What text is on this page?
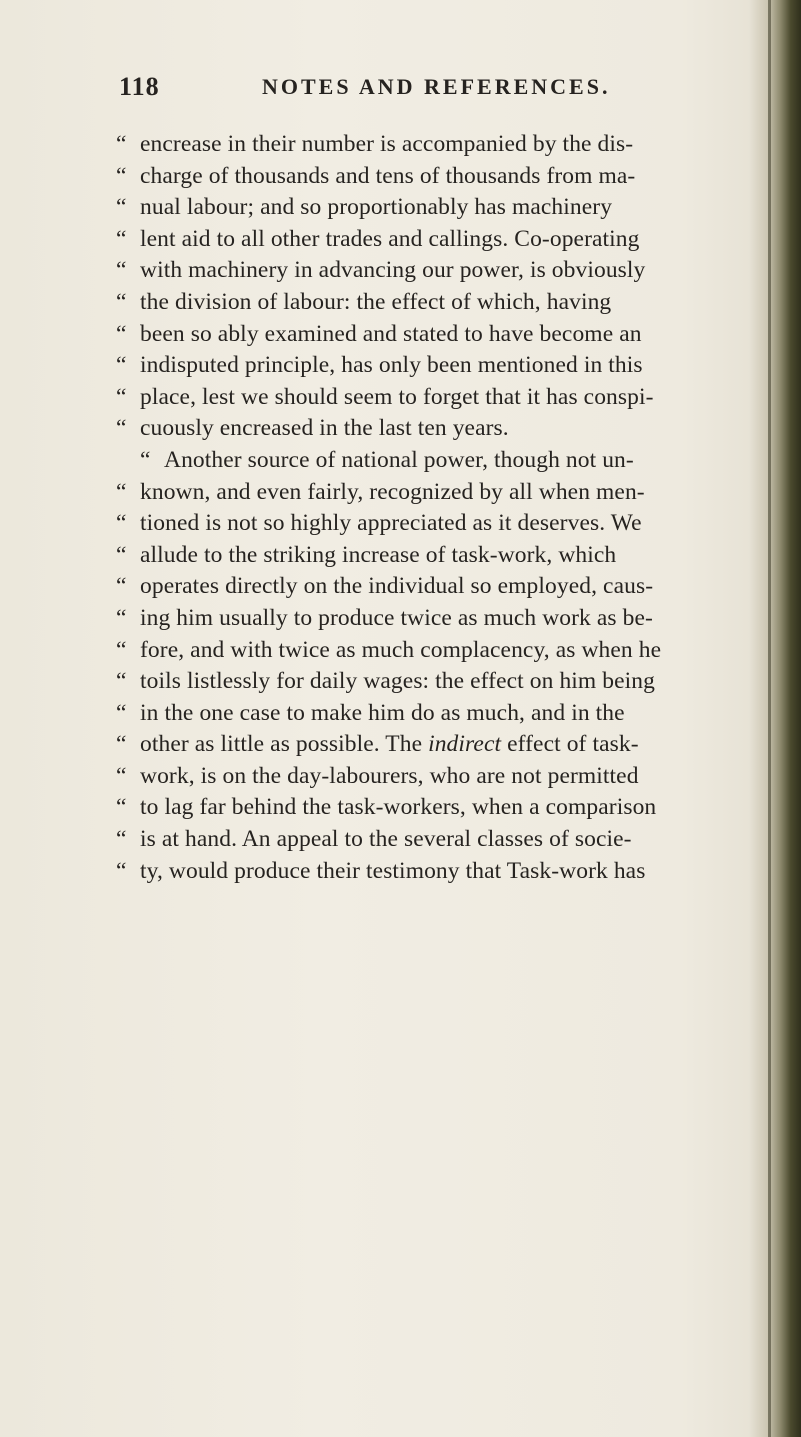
118	NOTES AND REFERENCES.
“ encrease in their number is accompanied by the dis-
“ charge of thousands and tens of thousands from ma-
“ nual labour; and so proportionably has machinery
“ lent aid to all other trades and callings. Co-operating
“ with machinery in advancing our power, is obviously
“ the division of labour: the effect of which, having
“ been so ably examined and stated to have become an
“ indisputed principle, has only been mentioned in this
“ place, lest we should seem to forget that it has conspi-
“ cuously encreased in the last ten years.
“ Another source of national power, though not un-
“ known, and even fairly, recognized by all when men-
“ tioned is not so highly appreciated as it deserves. We
“ allude to the striking increase of task-work, which
“ operates directly on the individual so employed, caus-
“ ing him usually to produce twice as much work as be-
“ fore, and with twice as much complacency, as when he
“ toils listlessly for daily wages: the effect on him being
“ in the one case to make him do as much, and in the
“ other as little as possible. The indirect effect of task-
“ work, is on the day-labourers, who are not permitted
“ to lag far behind the task-workers, when a comparison
“ is at hand. An appeal to the several classes of socie-
“ ty, would produce their testimony that Task-work has
